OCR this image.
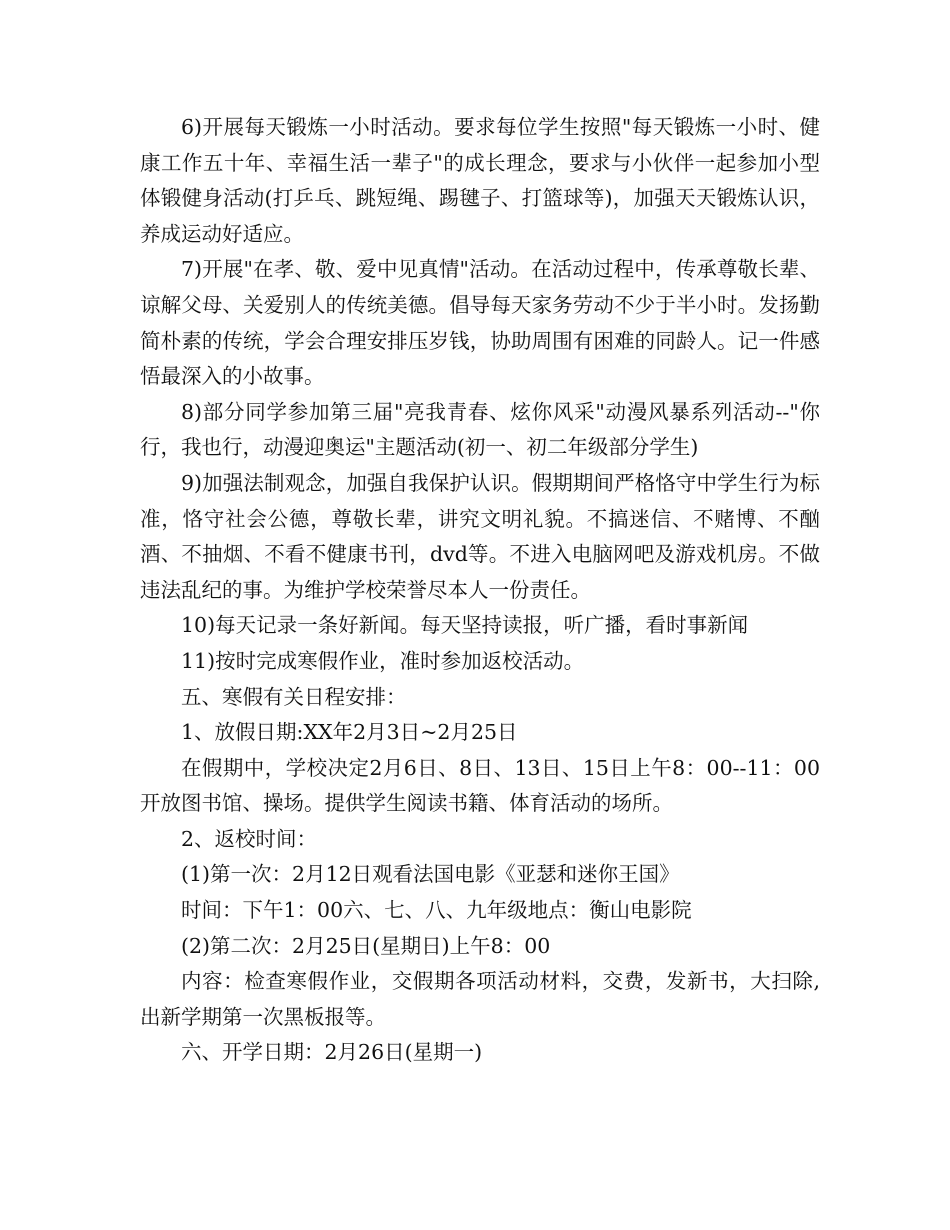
6)开展每天锻炼一小时活动。要求每位学生按照"每天锻炼一小时、健康工作五十年、幸福生活一辈子"的成长理念，要求与小伙伴一起参加小型体锻健身活动(打乒乓、跳短绳、踢毽子、打篮球等)，加强天天锻炼认识，养成运动好适应。

7)开展"在孝、敬、爱中见真情"活动。在活动过程中，传承尊敬长辈、谅解父母、关爱别人的传统美德。倡导每天家务劳动不少于半小时。发扬勤简朴素的传统，学会合理安排压岁钱，协助周围有困难的同龄人。记一件感悟最深入的小故事。

8)部分同学参加第三届"亮我青春、炫你风采"动漫风暴系列活动--"你行，我也行，动漫迎奥运"主题活动(初一、初二年级部分学生)

9)加强法制观念，加强自我保护认识。假期期间严格恪守中学生行为标准，恪守社会公德，尊敬长辈，讲究文明礼貌。不搞迷信、不赌博、不酗酒、不抽烟、不看不健康书刊，dvd等。不进入电脑网吧及游戏机房。不做违法乱纪的事。为维护学校荣誉尽本人一份责任。

10)每天记录一条好新闻。每天坚持读报，听广播，看时事新闻

11)按时完成寒假作业，准时参加返校活动。

五、寒假有关日程安排：

1、放假日期:XX年2月3日~2月25日

在假期中，学校决定2月6日、8日、13日、15日上午8：00--11：00开放图书馆、操场。提供学生阅读书籍、体育活动的场所。

2、返校时间：

(1)第一次：2月12日观看法国电影《亚瑟和迷你王国》

时间：下午1：00六、七、八、九年级地点：衡山电影院

(2)第二次：2月25日(星期日)上午8：00

内容：检查寒假作业，交假期各项活动材料，交费，发新书，大扫除,出新学期第一次黑板报等。

六、开学日期：2月26日(星期一)
